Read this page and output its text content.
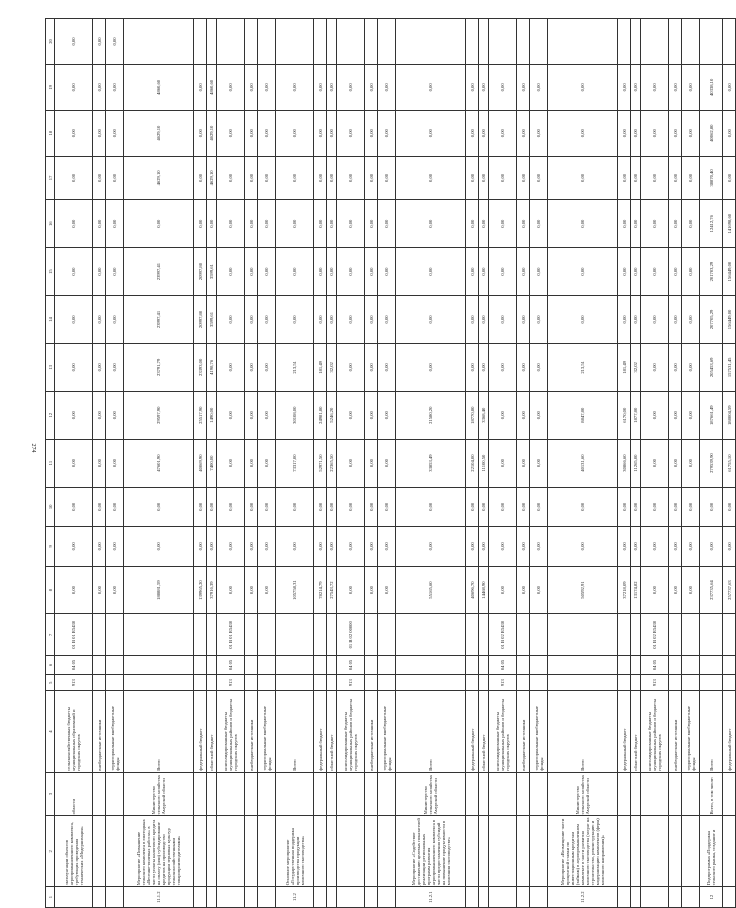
274
1	2	3	4	5	6	7	8	9	10	11	12	13	14	15	16	17	18	19	20
	эксплуатации объектов агропромышленного комплекса, требующих проведения технических «Модернизация»	области	сельскохозяйственных бюджеты муниципальных образований и городских округов	913	04 05	01 В 01 R5430	0,00	0,00	0,00	0,00	0,00	0,00	0,00	0,00	0,00	0,00	0,00	0,00	0,00
			внебюджетные источники				0,00	0,00	0,00	0,00	0,00	0,00	0,00	0,00	0,00	0,00	0,00	0,00	0,00
			территориальные внебюджетные фонды				0,00	0,00	0,00	0,00	0,00	0,00	0,00	0,00	0,00	0,00	0,00	0,00	0,00
11.1.2	Мероприятие «Повышение сельского комплекса в ежегодных «Весенне-полевых работах» в части уплаты налогового кредита на оплату (или) субсидирование кредитов на производство продукции зерновых культур сельскохозяйственными товаропроизводителями»	Министерство сельского хозяйства Амурской области	Всего				188881,59	0,00	0,00	47601,90	29597,90	23791,79	23997,41	23997,41	0,00	4629,10	4629,10	4860,60	
			федеральный бюджет				139965,20	0,00	0,00	40069,90	25517,90	23393,00	20997,80	20997,80	0,00	0,00	0,00	0,00	
			областной бюджет				37916,39	0,00	0,00	7400,00	1490,00	4198,76	3599,61	3599,61	0,00	4629,10	4629,10	4860,60	
			консолидированные бюджеты муниципальных районов и бюджеты городских округов	913	04 05	01 В 01 R5430	0,00	0,00	0,00	0,00	0,00	0,00	0,00	0,00	0,00	0,00	0,00	0,00	
			внебюджетные источники				0,00	0,00	0,00	0,00	0,00	0,00	0,00	0,00	0,00	0,00	0,00	0,00	
			территориальные внебюджетные фонды				0,00	0,00	0,00	0,00	0,00	0,00	0,00	0,00	0,00	0,00	0,00	0,00	
11.2	Основное мероприятие «Государственная поддержка производства продукции молочного скотоводства»		Всего				105758,31	0,00	0,00	73317,00	30108,00	213,51	0,00	0,00	0,00	0,00	0,00	0,00	
			федеральный бюджет				78214,79	0,00	0,00	52971,50	24981,80	181,49	0,00	0,00	0,00	0,00	0,00	0,00	
			областной бюджет				27543,72	0,00	0,00	22365,50	5246,20	32,02	0,00	0,00	0,00	0,00	0,00	0,00	
			консолидированные бюджеты муниципальных районов и бюджеты городских округов	913	04 05	01 В 02 00000	0,00	0,00	0,00	0,00	0,00	0,00	0,00	0,00	0,00	0,00	0,00	0,00	
			внебюджетные источники				0,00	0,00	0,00	0,00	0,00	0,00	0,00	0,00	0,00	0,00	0,00	0,00	
			территориальные внебюджетные фонды				0,00	0,00	0,00	0,00	0,00	0,00	0,00	0,00	0,00	0,00	0,00	0,00	
11.2.1	Мероприятие «Содействие достижению целевых показателей реализации региональных программ развития агропромышленного комплекса в части предоставления субсидий на повышение продуктивности в молочном скотоводстве»	Министерство сельского хозяйства Амурской области	Всего				55165,60	0,00	0,00	33853,49	21580,20	0,00	0,00	0,00	0,00	0,00	0,00	0,00	
			федеральный бюджет				40696,70	0,00	0,00	22104,00	18770,80	0,00	0,00	0,00	0,00	0,00	0,00	0,00	
			областной бюджет				14468,90	0,00	0,00	11100,50	3368,40	0,00	0,00	0,00	0,00	0,00	0,00	0,00	
			консолидированные бюджеты муниципальных районов и бюджеты городских округов	913	04 05	01 В 02 R5430	0,00	0,00	0,00	0,00	0,00	0,00	0,00	0,00	0,00	0,00	0,00	0,00	
			внебюджетные источники				0,00	0,00	0,00	0,00	0,00	0,00	0,00	0,00	0,00	0,00	0,00	0,00	
			территориальные внебюджетные фонды				0,00	0,00	0,00	0,00	0,00	0,00	0,00	0,00	0,00	0,00	0,00	0,00	
11.2.2	Мероприятие «Возмещение части процентной ставки по инвестиционным кредитам (займам) в агропромышленном комплексе в части развития молочного скотоводства (затрат на строительство, реконструкцию и модернизацию комплексов (ферм) молочного направления)»	Министерство сельского хозяйства Амурской области	Всего				50592,91	0,00	0,00	40131,60	8847,80	213,51	0,00	0,00	0,00	0,00	0,00	0,00	
			федеральный бюджет				37218,09	0,00	0,00	30866,60	6170,00	181,49	0,00	0,00	0,00	0,00	0,00	0,00	
			областной бюджет				13174,82	0,00	0,00	11265,00	1877,80	32,02	0,00	0,00	0,00	0,00	0,00	0,00	
			консолидированные бюджеты муниципальных районов и бюджеты городских округов	913	04 05	01 В 02 R5430	0,00	0,00	0,00	0,00	0,00	0,00	0,00	0,00	0,00	0,00	0,00	0,00	
			внебюджетные источники				0,00	0,00	0,00	0,00	0,00	0,00	0,00	0,00	0,00	0,00	0,00	0,00	
			территориальные внебюджетные фонды				0,00	0,00	0,00	0,00	0,00	0,00	0,00	0,00	0,00	0,00	0,00	0,00	
12	Подпрограмма «Поддержка сельского рынка, создание и	Всего, в том числе:	Всего				237735,64	0,00	0,00	279539,90	187661,49	205453,69	207705,29	201703,29	12412,76	38870,40	40062,80	40338,10	
			федеральный бюджет				257737,63	0,00	0,00	61755,10	188004,59	157531,45	156449,00	156449,00	141698,60	0,00	0,00	0,00	
